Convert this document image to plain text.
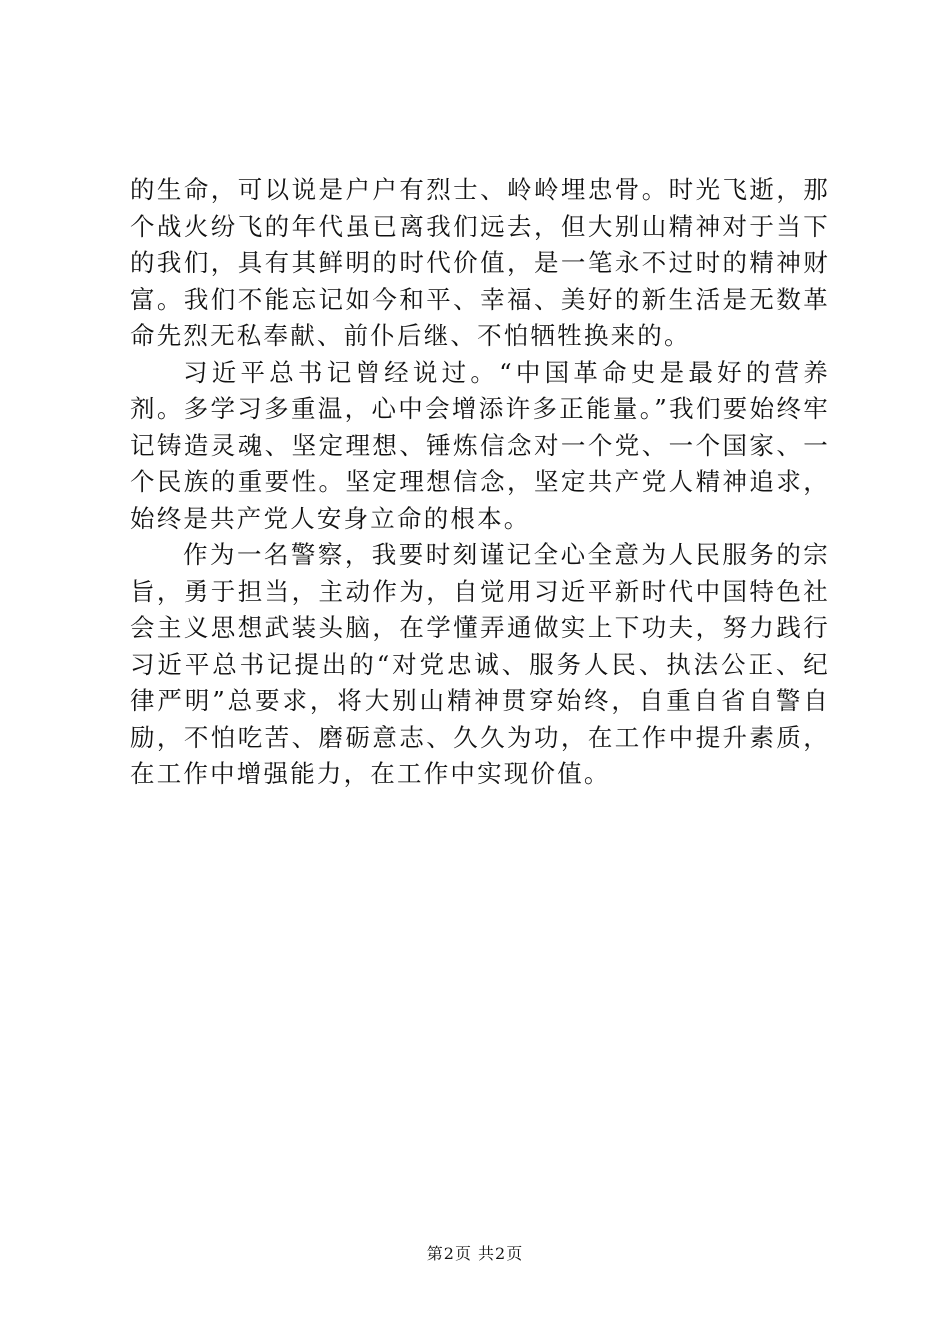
的生命，可以说是户户有烈士、岭岭埋忠骨。时光飞逝，那个战火纷飞的年代虽已离我们远去，但大别山精神对于当下的我们，具有其鲜明的时代价值，是一笔永不过时的精神财富。我们不能忘记如今和平、幸福、美好的新生活是无数革命先烈无私奉献、前仆后继、不怕牺牲换来的。

习近平总书记曾经说过。“中国革命史是最好的营养剂。多学习多重温，心中会增添许多正能量。”我们要始终牢记铸造灵魂、坚定理想、锤炼信念对一个党、一个国家、一个民族的重要性。坚定理想信念，坚定共产党人精神追求，始终是共产党人安身立命的根本。

作为一名警察，我要时刻谨记全心全意为人民服务的宗旨，勇于担当，主动作为，自觉用习近平新时代中国特色社会主义思想武装头脑，在学懂弄通做实上下功夫，努力践行习近平总书记提出的“对党忠诚、服务人民、执法公正、纪律严明”总要求，将大别山精神贯穿始终，自重自省自警自励，不怕吃苦、磨砺意志、久久为功，在工作中提升素质，在工作中增强能力，在工作中实现价值。

第2页 共2页
